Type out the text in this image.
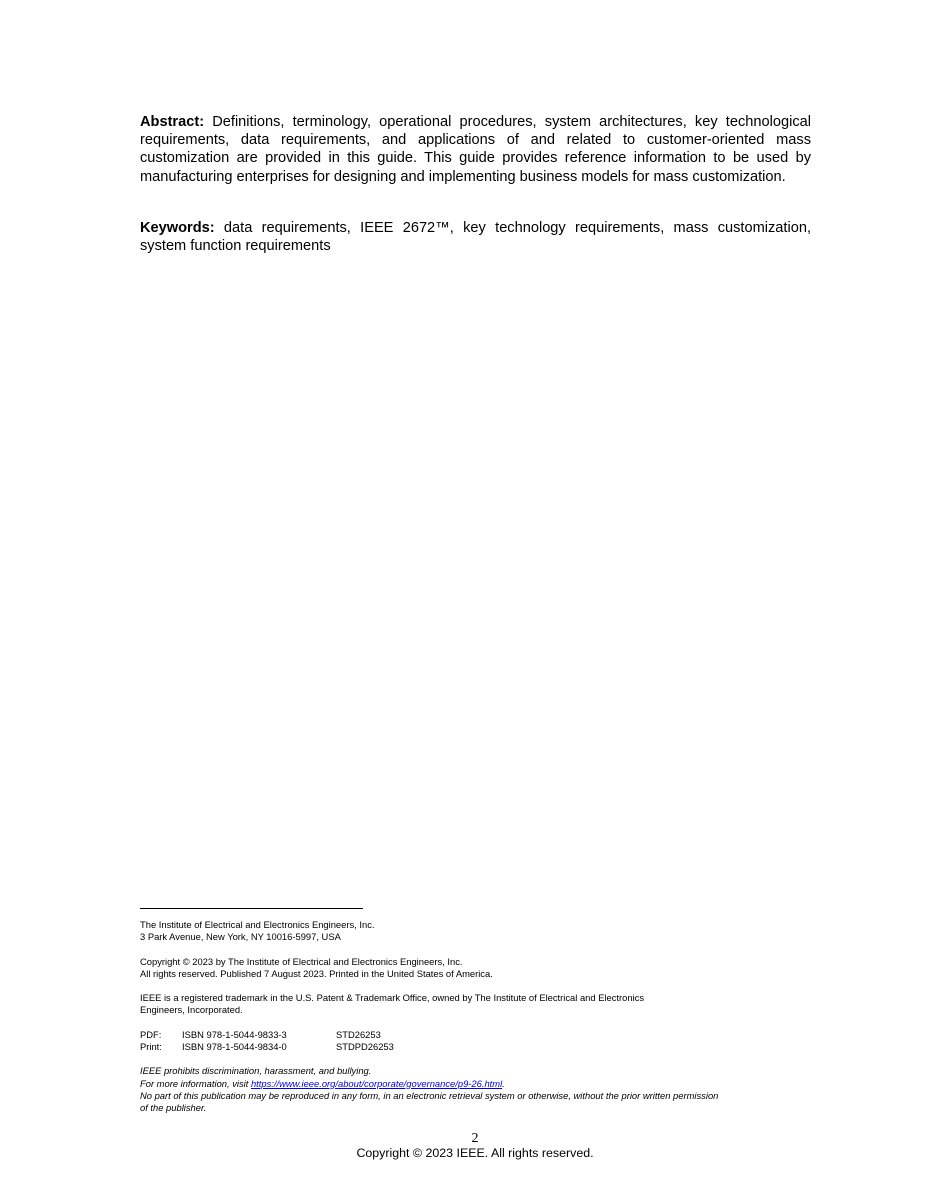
Abstract: Definitions, terminology, operational procedures, system architectures, key technological requirements, data requirements, and applications of and related to customer-oriented mass customization are provided in this guide. This guide provides reference information to be used by manufacturing enterprises for designing and implementing business models for mass customization.

Keywords: data requirements, IEEE 2672™, key technology requirements, mass customization, system function requirements

The Institute of Electrical and Electronics Engineers, Inc.

3 Park Avenue, New York, NY 10016-5997, USA

Copyright © 2023 by The Institute of Electrical and Electronics Engineers, Inc.

All rights reserved. Published 7 August 2023. Printed in the United States of America.

IEEE is a registered trademark in the U.S. Patent & Trademark Office, owned by The Institute of Electrical and Electronics

Engineers, Incorporated.

PDF:	ISBN 978-1-5044-9833-3	STD26253
Print:	ISBN 978-1-5044-9834-0	STDPD26253

IEEE prohibits discrimination, harassment, and bullying.

For more information, visit https://www.ieee.org/about/corporate/governance/p9-26.html.

No part of this publication may be reproduced in any form, in an electronic retrieval system or otherwise, without the prior written permission

of the publisher.

2
Copyright © 2023 IEEE. All rights reserved.
